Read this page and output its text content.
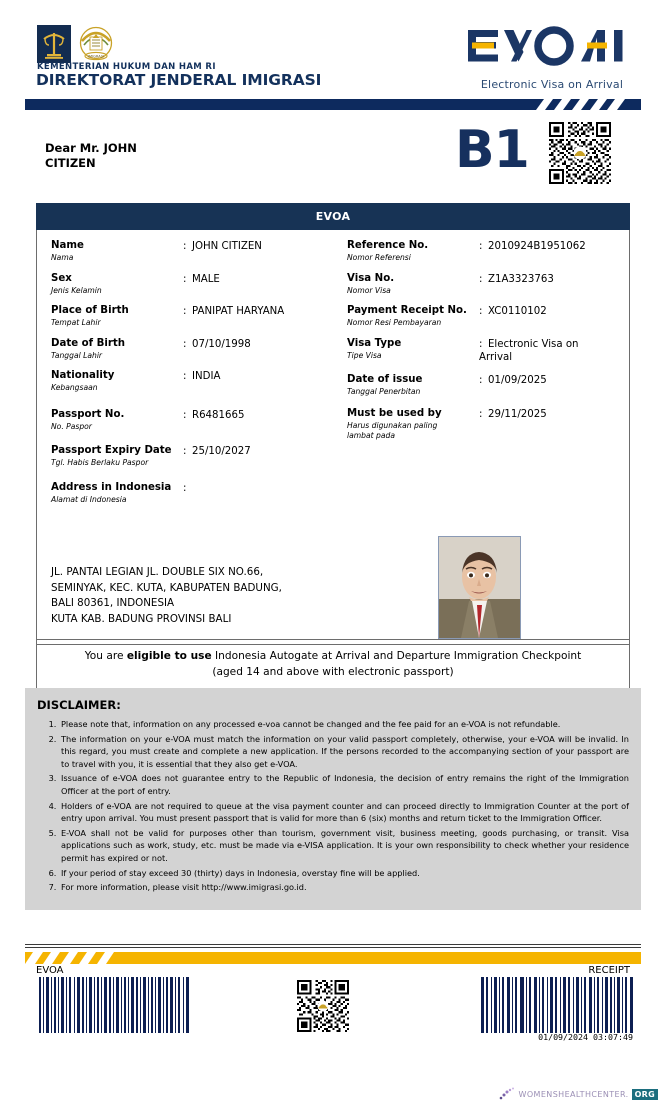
IMIGRASI
KEMENTERIAN HUKUM DAN HAM RI
DIREKTORAT JENDERAL IMIGRASI	Electronic Visa on Arrival
Dear Mr. JOHN
CITIZEN	B1
EVOA
Name
Nama
: JOHN CITIZEN
Sex
Jenis Kelamin
: MALE
Place of Birth
Tempat Lahir
: PANIPAT HARYANA
Date of Birth
Tanggal Lahir
: 07/10/1998
Nationality
Kebangsaan
: INDIA
Passport No.
No. Paspor
: R6481665
Passport Expiry Date
Tgl. Habis Berlaku Paspor
: 25/10/2027
Address in Indonesia
Alamat di Indonesia
:
Reference No.
Nomor Referensi
: 2010924B1951062
Visa No.
Nomor Visa
: Z1A3323763
Payment Receipt No.
Nomor Resi Pembayaran
: XC0110102
Visa Type
Tipe Visa
: Electronic Visa on Arrival
Date of issue
Tanggal Penerbitan
: 01/09/2025
Must be used by
Harus digunakan paling lambat pada
: 29/11/2025
JL. PANTAI LEGIAN JL. DOUBLE SIX NO.66,
SEMINYAK, KEC. KUTA, KABUPATEN BADUNG,
BALI 80361, INDONESIA
KUTA KAB. BADUNG PROVINSI BALI
You are eligible to use Indonesia Autogate at Arrival and Departure Immigration Checkpoint
(aged 14 and above with electronic passport)
DISCLAIMER:
1. Please note that, information on any processed e-voa cannot be changed and the fee paid for an e-VOA is not refundable.
2. The information on your e-VOA must match the information on your valid passport completely, otherwise, your e-VOA will be invalid. In this regard, you must create and complete a new application. If the persons recorded to the accompanying section of your passport are to travel with you, it is essential that they also get e-VOA.
3. Issuance of e-VOA does not guarantee entry to the Republic of Indonesia, the decision of entry remains the right of the Immigration Officer at the port of entry.
4. Holders of e-VOA are not required to queue at the visa payment counter and can proceed directly to Immigration Counter at the port of entry upon arrival. You must present passport that is valid for more than 6 (six) months and return ticket to the Immigration Officer.
5. E-VOA shall not be valid for purposes other than tourism, government visit, business meeting, goods purchasing, or transit. Visa applications such as work, study, etc. must be made via e-VISA application. It is your own responsibility to check whether your residence permit has expired or not.
6. If your period of stay exceed 30 (thirty) days in Indonesia, overstay fine will be applied.
7. For more information, please visit http://www.imigrasi.go.id.
EVOA	RECEIPT
01/09/2024 03:07:49
WOMENSHEALTHCENTER. ORG
